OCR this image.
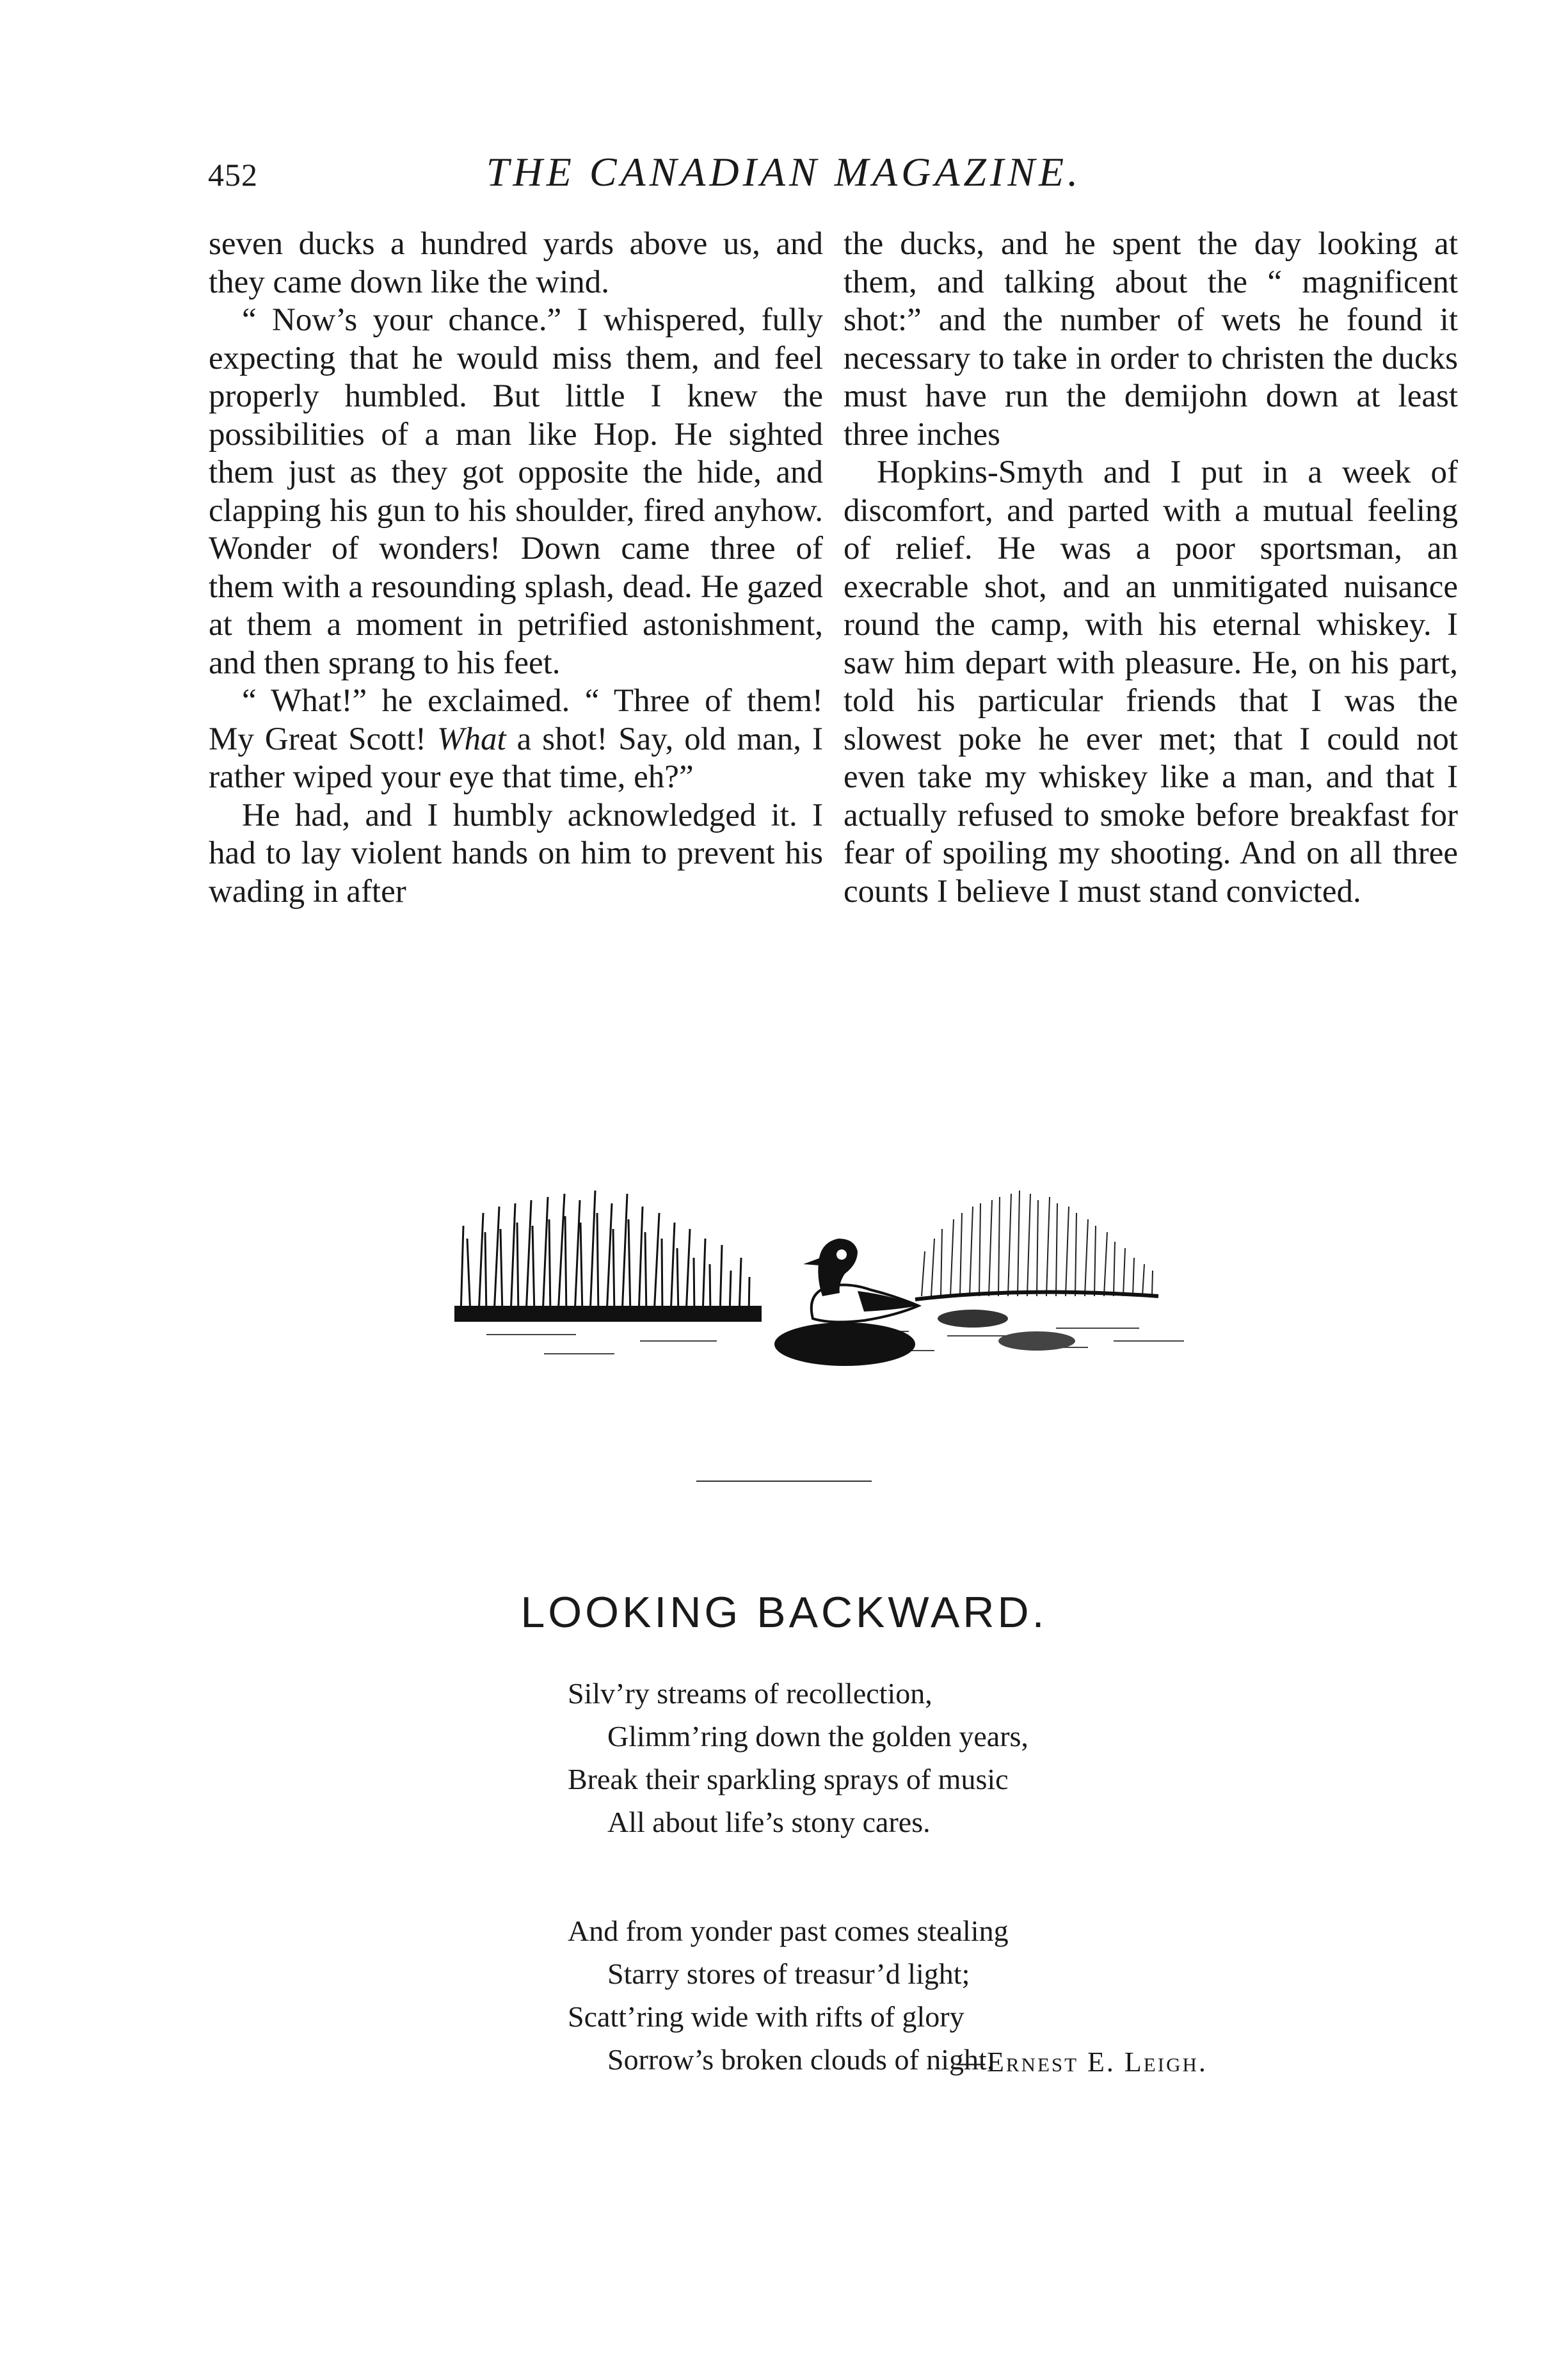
452	THE CANADIAN MAGAZINE.

seven ducks a hundred yards above us, and they came down like the wind.

“ Now’s your chance.” I whispered, fully expecting that he would miss them, and feel properly humbled. But little I knew the possibilities of a man like Hop. He sighted them just as they got opposite the hide, and clapping his gun to his shoulder, fired anyhow. Wonder of wonders! Down came three of them with a resounding splash, dead. He gazed at them a moment in petrified astonishment, and then sprang to his feet.

“ What!” he exclaimed. “ Three of them! My Great Scott! What a shot! Say, old man, I rather wiped your eye that time, eh?”

He had, and I humbly acknowledged it. I had to lay violent hands on him to prevent his wading in after

the ducks, and he spent the day looking at them, and talking about the “ magnificent shot:” and the number of wets he found it necessary to take in order to christen the ducks must have run the demijohn down at least three inches

Hopkins-Smyth and I put in a week of discomfort, and parted with a mutual feeling of relief. He was a poor sportsman, an execrable shot, and an unmitigated nuisance round the camp, with his eternal whiskey. I saw him depart with pleasure. He, on his part, told his particular friends that I was the slowest poke he ever met; that I could not even take my whiskey like a man, and that I actually refused to smoke before breakfast for fear of spoiling my shooting. And on all three counts I believe I must stand convicted.

LOOKING BACKWARD.
Silv’ry streams of recollection,
Glimm’ring down the golden years,
Break their sparkling sprays of music
All about life’s stony cares.
And from yonder past comes stealing
Starry stores of treasur’d light;
Scatt’ring wide with rifts of glory
Sorrow’s broken clouds of night.
—Ernest E. Leigh.
